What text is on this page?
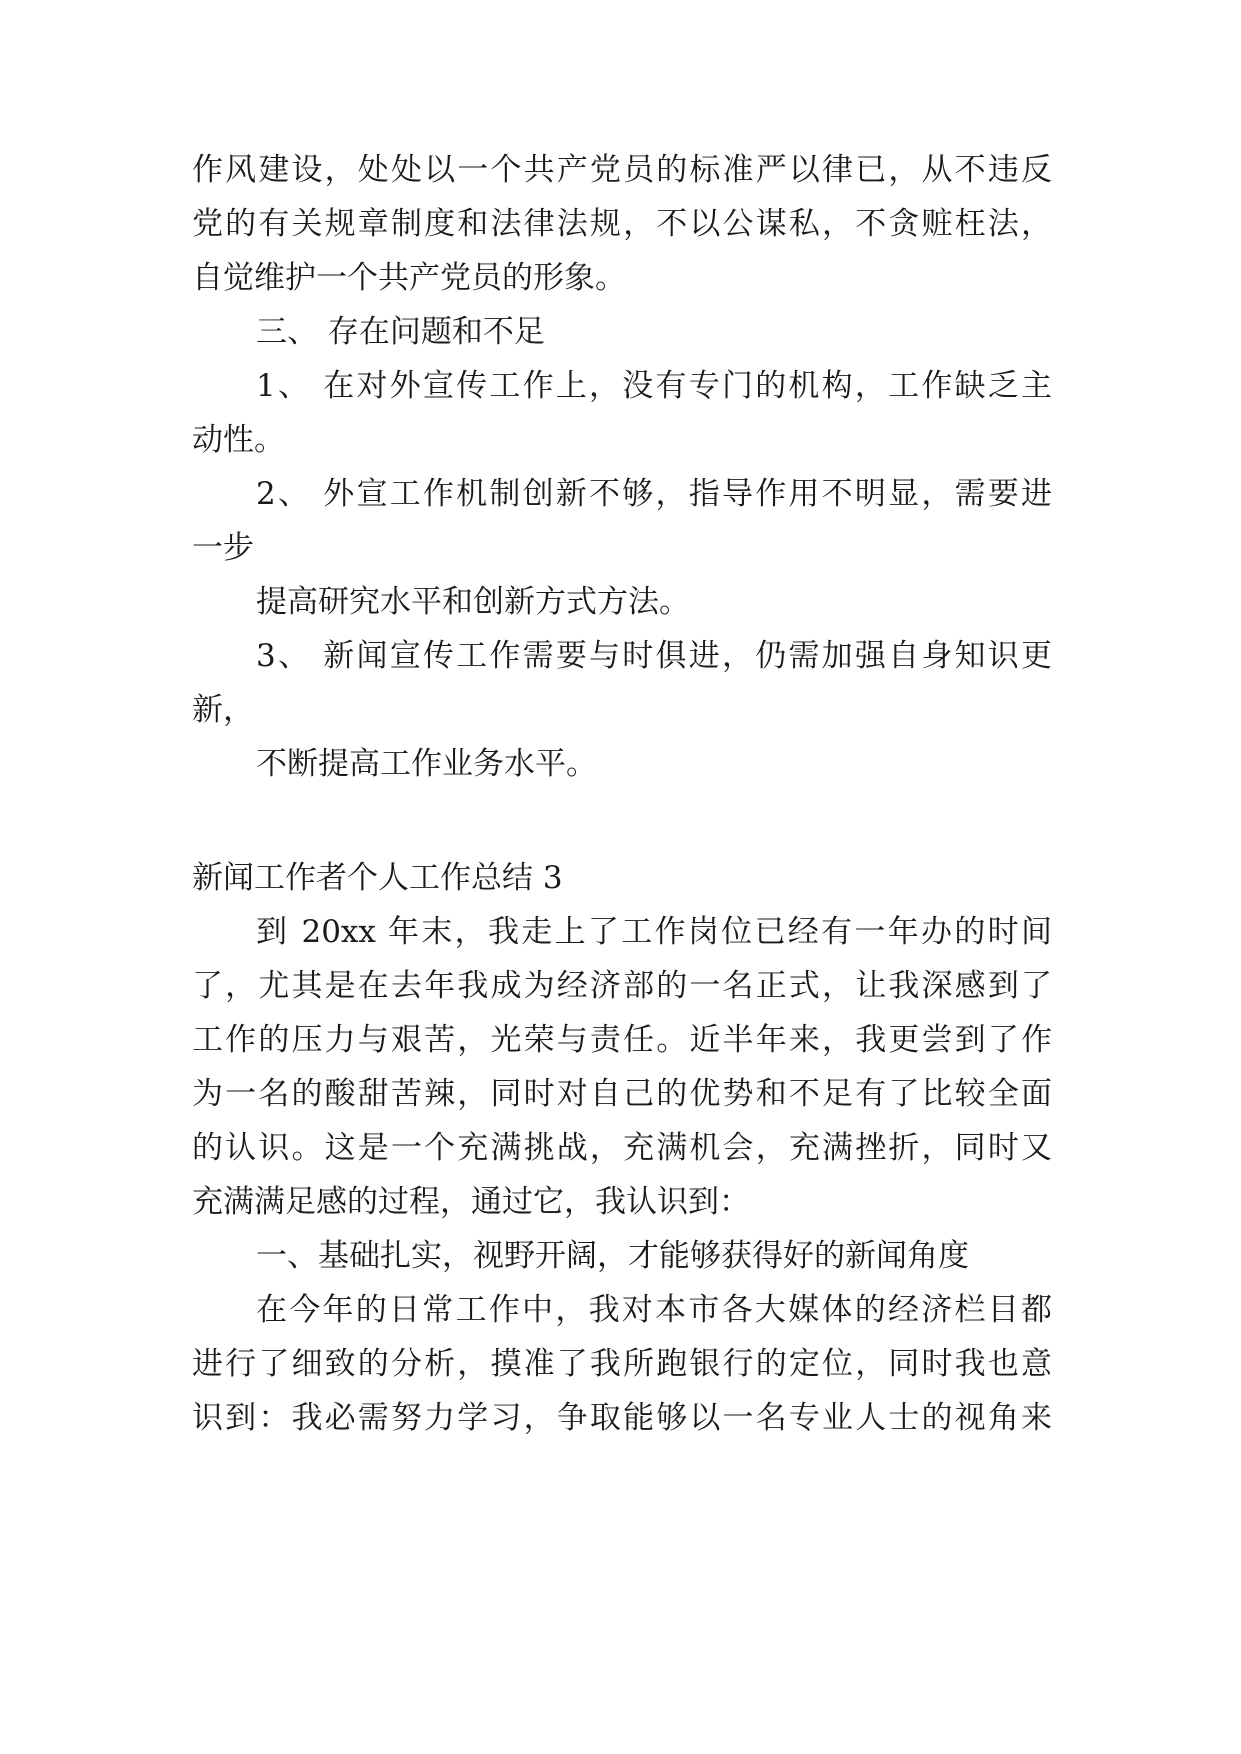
作风建设，处处以一个共产党员的标准严以律已，从不违反
党的有关规章制度和法律法规，不以公谋私，不贪赃枉法，
自觉维护一个共产党员的形象。
三、 存在问题和不足
1、 在对外宣传工作上，没有专门的机构，工作缺乏主
动性。
2、 外宣工作机制创新不够，指导作用不明显，需要进
一步
提高研究水平和创新方式方法。
3、 新闻宣传工作需要与时俱进，仍需加强自身知识更
新，
不断提高工作业务水平。
新闻工作者个人工作总结 3
到 20xx 年末，我走上了工作岗位已经有一年办的时间
了，尤其是在去年我成为经济部的一名正式，让我深感到了
工作的压力与艰苦，光荣与责任。近半年来，我更尝到了作
为一名的酸甜苦辣，同时对自己的优势和不足有了比较全面
的认识。这是一个充满挑战，充满机会，充满挫折，同时又
充满满足感的过程，通过它，我认识到：
一、基础扎实，视野开阔，才能够获得好的新闻角度
在今年的日常工作中，我对本市各大媒体的经济栏目都
进行了细致的分析，摸准了我所跑银行的定位，同时我也意
识到：我必需努力学习，争取能够以一名专业人士的视角来
